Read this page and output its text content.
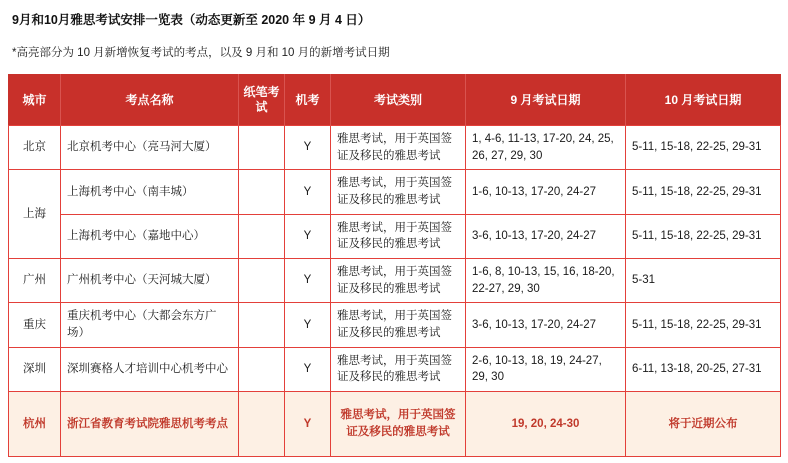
9月和10月雅思考试安排一览表（动态更新至 2020 年 9 月 4 日）
*高亮部分为 10 月新增恢复考试的考点，以及 9 月和 10 月的新增考试日期
城市	考点名称	纸笔考试	机考	考试类别	9 月考试日期	10 月考试日期
北京	北京机考中心（亮马河大厦）		Y	雅思考试，用于英国签证及移民的雅思考试	1, 4-6, 11-13, 17-20, 24, 25, 26, 27, 29, 30	5-11, 15-18, 22-25, 29-31
上海	上海机考中心（南丰城）		Y	雅思考试，用于英国签证及移民的雅思考试	1-6, 10-13, 17-20, 24-27	5-11, 15-18, 22-25, 29-31
	上海机考中心（嘉地中心）		Y	雅思考试，用于英国签证及移民的雅思考试	3-6, 10-13, 17-20, 24-27	5-11, 15-18, 22-25, 29-31
广州	广州机考中心（天河城大厦）		Y	雅思考试，用于英国签证及移民的雅思考试	1-6, 8, 10-13, 15, 16, 18-20, 22-27, 29, 30	5-31
重庆	重庆机考中心（大都会东方广场）		Y	雅思考试，用于英国签证及移民的雅思考试	3-6, 10-13, 17-20, 24-27	5-11, 15-18, 22-25, 29-31
深圳	深圳赛格人才培训中心机考中心		Y	雅思考试，用于英国签证及移民的雅思考试	2-6, 10-13, 18, 19, 24-27, 29, 30	6-11, 13-18, 20-25, 27-31
杭州	浙江省教育考试院雅思机考考点		Y	雅思考试，用于英国签证及移民的雅思考试	19, 20, 24-30	将于近期公布
